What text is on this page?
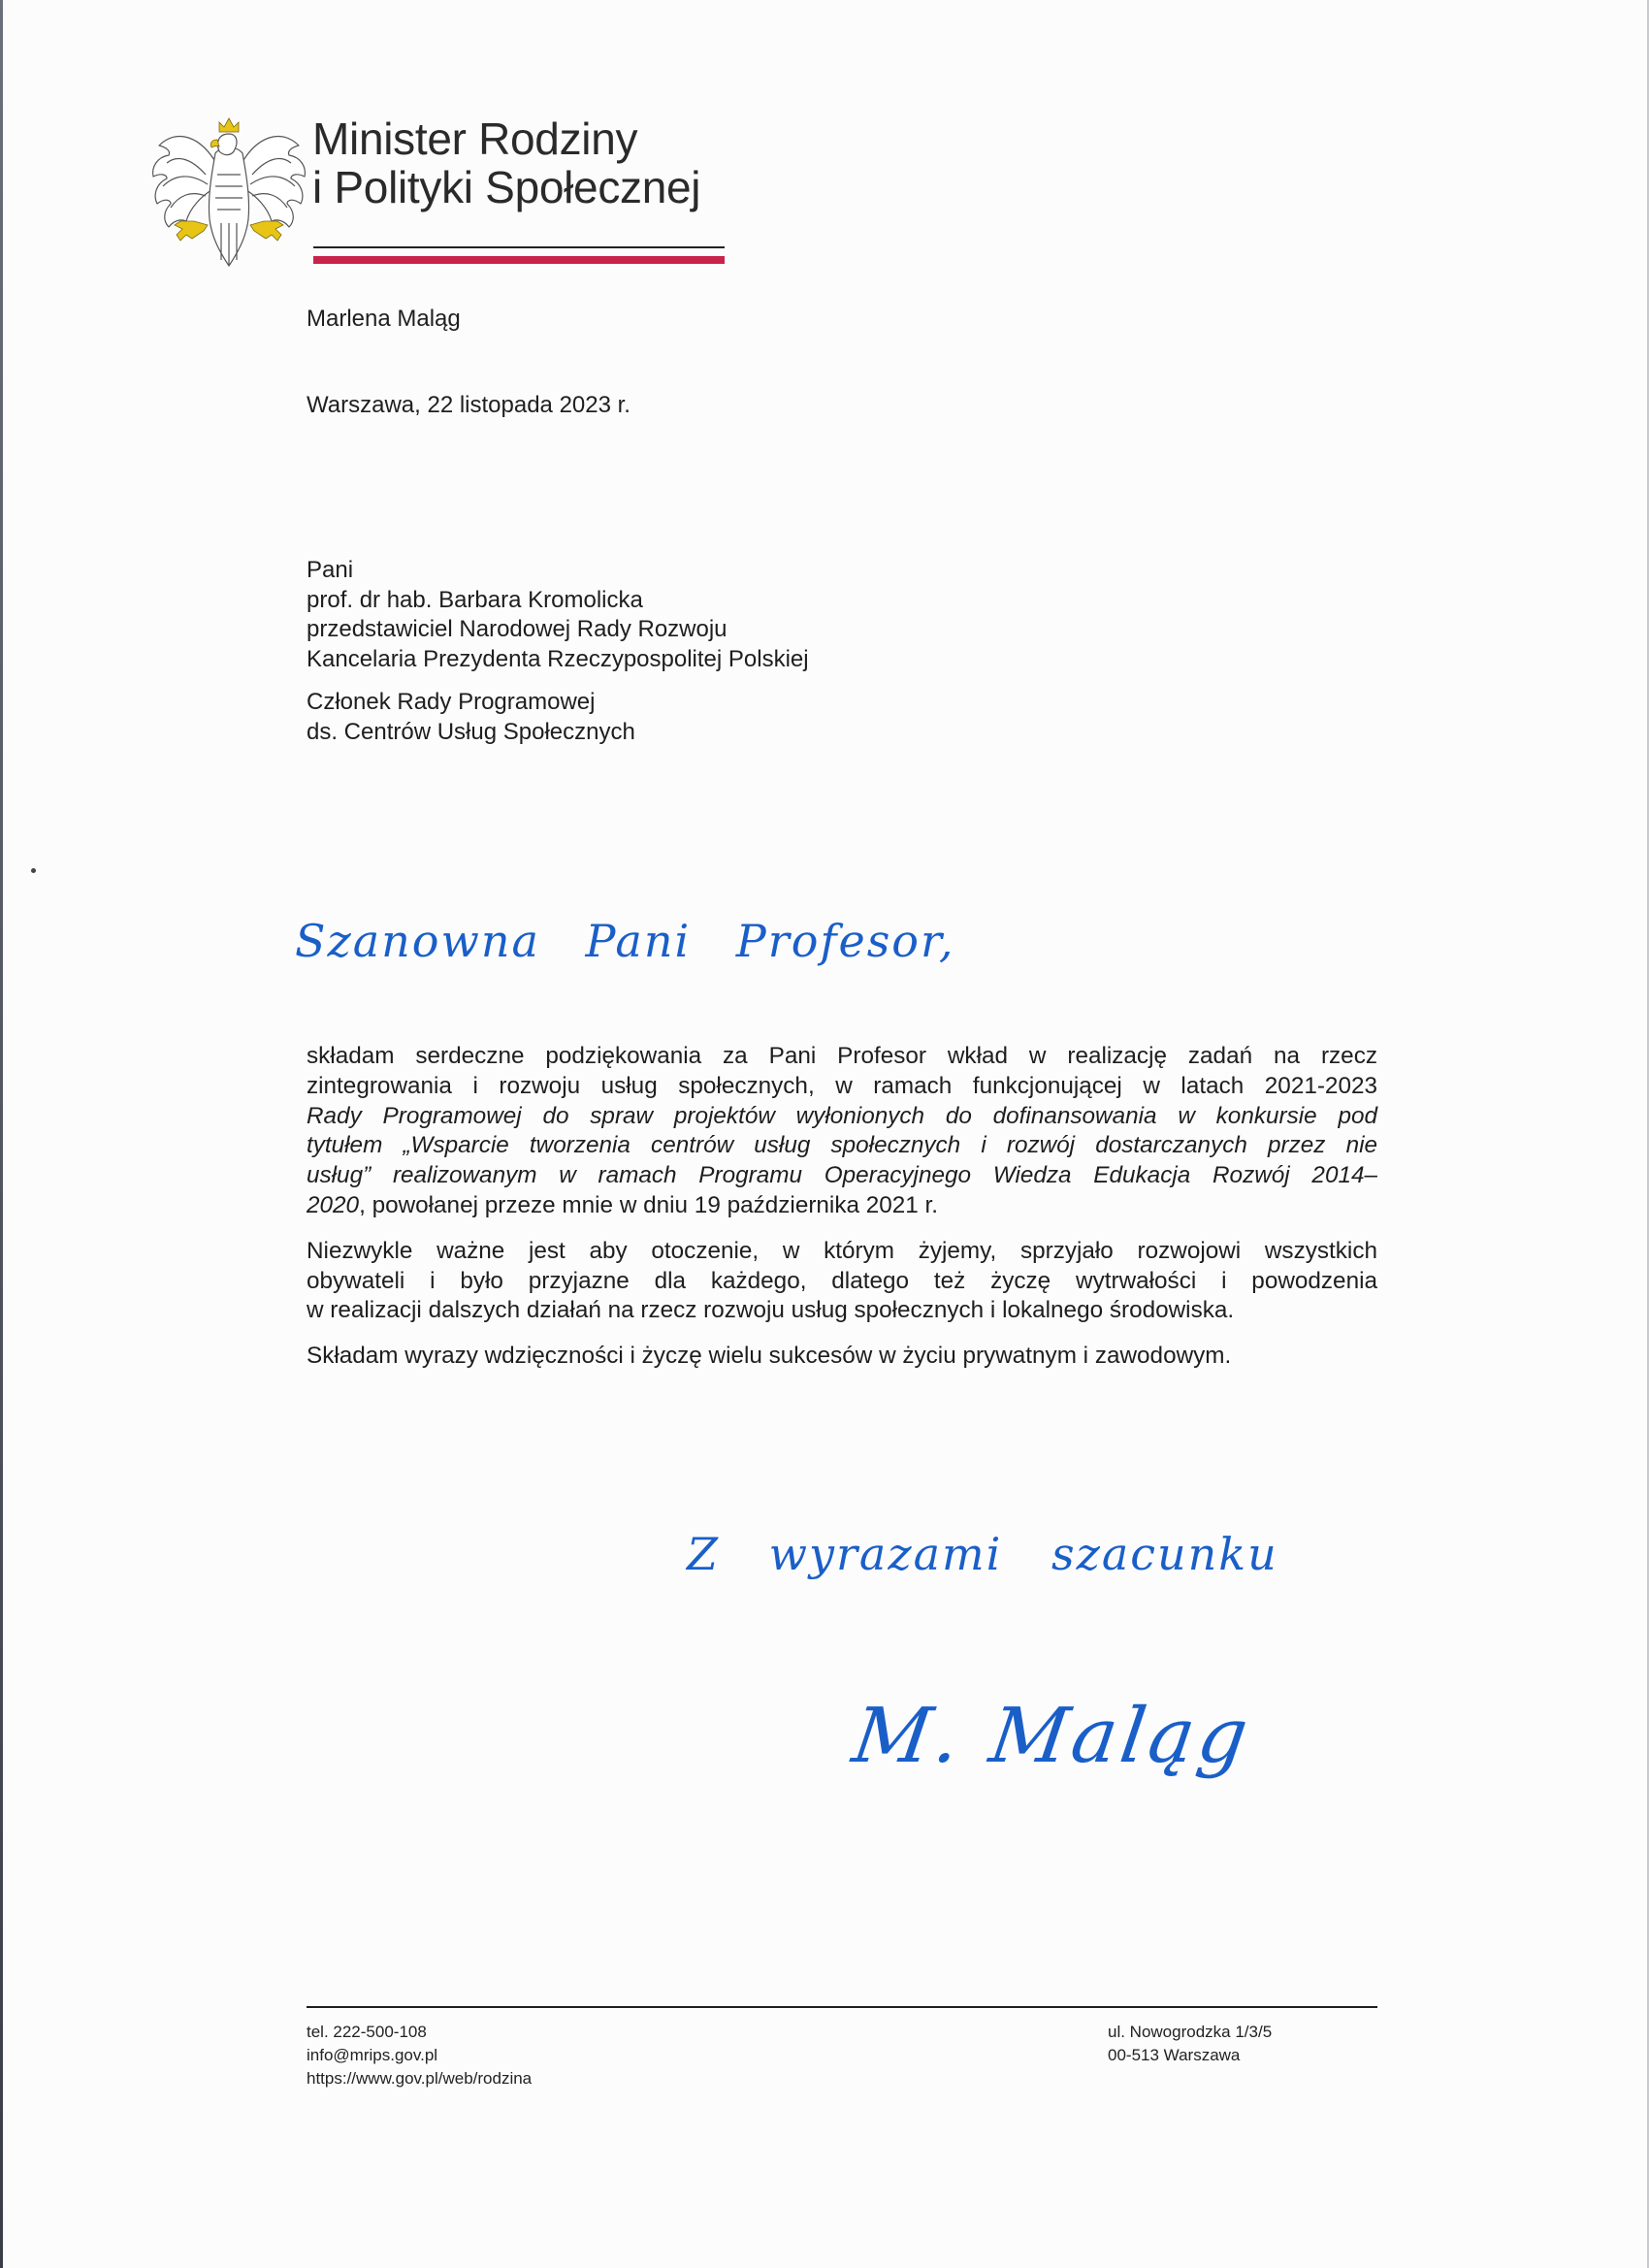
Minister Rodziny
i Polityki Społecznej
Marlena Maląg
Warszawa, 22 listopada 2023 r.
Pani
prof. dr hab. Barbara Kromolicka
przedstawiciel Narodowej Rady Rozwoju
Kancelaria Prezydenta Rzeczypospolitej Polskiej
Członek Rady Programowej
ds. Centrów Usług Społecznych
Szanowna Pani Profesor,

składam serdeczne podziękowania za Pani Profesor wkład w realizację zadań na rzecz
zintegrowania i rozwoju usług społecznych, w ramach funkcjonującej w latach 2021-2023
Rady Programowej do spraw projektów wyłonionych do dofinansowania w konkursie pod
tytułem „Wsparcie tworzenia centrów usług społecznych i rozwój dostarczanych przez nie
usług” realizowanym w ramach Programu Operacyjnego Wiedza Edukacja Rozwój 2014–
2020, powołanej przeze mnie w dniu 19 października 2021 r.

Niezwykle ważne jest aby otoczenie, w którym żyjemy, sprzyjało rozwojowi wszystkich
obywateli i było przyjazne dla każdego, dlatego też życzę wytrwałości i powodzenia
w realizacji dalszych działań na rzecz rozwoju usług społecznych i lokalnego środowiska.

Składam wyrazy wdzięczności i życzę wielu sukcesów w życiu prywatnym i zawodowym.

Z wyrazami szacunku
M. Maląg
tel. 222-500-108
info@mrips.gov.pl
https://www.gov.pl/web/rodzina
ul. Nowogrodzka 1/3/5
00-513 Warszawa
